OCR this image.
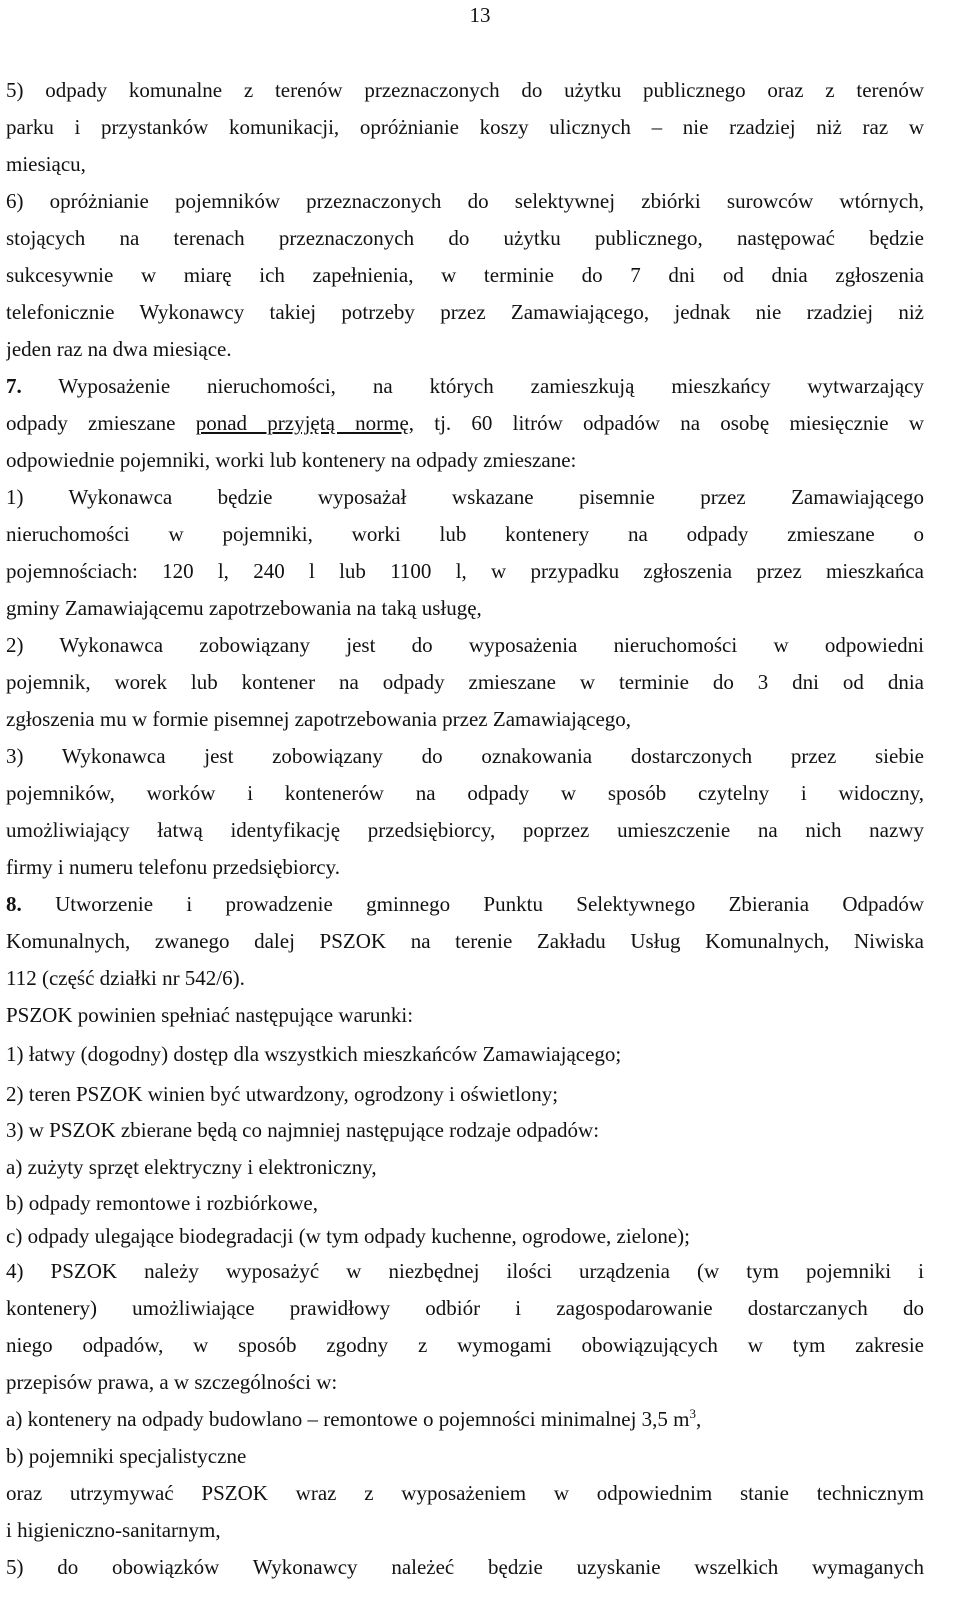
13
5) odpady komunalne z terenów przeznaczonych do użytku publicznego oraz z terenów
parku i przystanków komunikacji, opróżnianie koszy ulicznych – nie rzadziej niż raz w
miesiącu,
6) opróżnianie pojemników przeznaczonych do selektywnej zbiórki surowców wtórnych,
stojących na terenach przeznaczonych do użytku publicznego, następować będzie
sukcesywnie w miarę ich zapełnienia, w terminie do 7 dni od dnia zgłoszenia
telefonicznie Wykonawcy takiej potrzeby przez Zamawiającego, jednak nie rzadziej niż
jeden raz na dwa miesiące.
7. Wyposażenie nieruchomości, na których zamieszkują mieszkańcy wytwarzający
odpady zmieszane ponad przyjętą normę, tj. 60 litrów odpadów na osobę miesięcznie w
odpowiednie pojemniki, worki lub kontenery na odpady zmieszane:
1) Wykonawca będzie wyposażał wskazane pisemnie przez Zamawiającego
nieruchomości w pojemniki, worki lub kontenery na odpady zmieszane o
pojemnościach: 120 l, 240 l lub 1100 l, w przypadku zgłoszenia przez mieszkańca
gminy Zamawiającemu zapotrzebowania na taką usługę,
2) Wykonawca zobowiązany jest do wyposażenia nieruchomości w odpowiedni
pojemnik, worek lub kontener na odpady zmieszane w terminie do 3 dni od dnia
zgłoszenia mu w formie pisemnej zapotrzebowania przez Zamawiającego,
3) Wykonawca jest zobowiązany do oznakowania dostarczonych przez siebie
pojemników, worków i kontenerów na odpady w sposób czytelny i widoczny,
umożliwiający łatwą identyfikację przedsiębiorcy, poprzez umieszczenie na nich nazwy
firmy i numeru telefonu przedsiębiorcy.
8. Utworzenie i prowadzenie gminnego Punktu Selektywnego Zbierania Odpadów
Komunalnych, zwanego dalej PSZOK na terenie Zakładu Usług Komunalnych, Niwiska
112 (część działki nr 542/6).
PSZOK powinien spełniać następujące warunki:
1) łatwy (dogodny) dostęp dla wszystkich mieszkańców Zamawiającego;
2) teren PSZOK winien być utwardzony, ogrodzony i oświetlony;
3) w PSZOK zbierane będą co najmniej następujące rodzaje odpadów:
a) zużyty sprzęt elektryczny i elektroniczny,
b) odpady remontowe i rozbiórkowe,
c) odpady ulegające biodegradacji (w tym odpady kuchenne, ogrodowe, zielone);
4) PSZOK należy wyposażyć w niezbędnej ilości urządzenia (w tym pojemniki i
kontenery) umożliwiające prawidłowy odbiór i zagospodarowanie dostarczanych do
niego odpadów, w sposób zgodny z wymogami obowiązujących w tym zakresie
przepisów prawa, a w szczególności w:
a) kontenery na odpady budowlano – remontowe o pojemności minimalnej 3,5 $m^3$,
b) pojemniki specjalistyczne
oraz utrzymywać PSZOK wraz z wyposażeniem w odpowiednim stanie technicznym
i higieniczno-sanitarnym,
5) do obowiązków Wykonawcy należeć będzie uzyskanie wszelkich wymaganych
